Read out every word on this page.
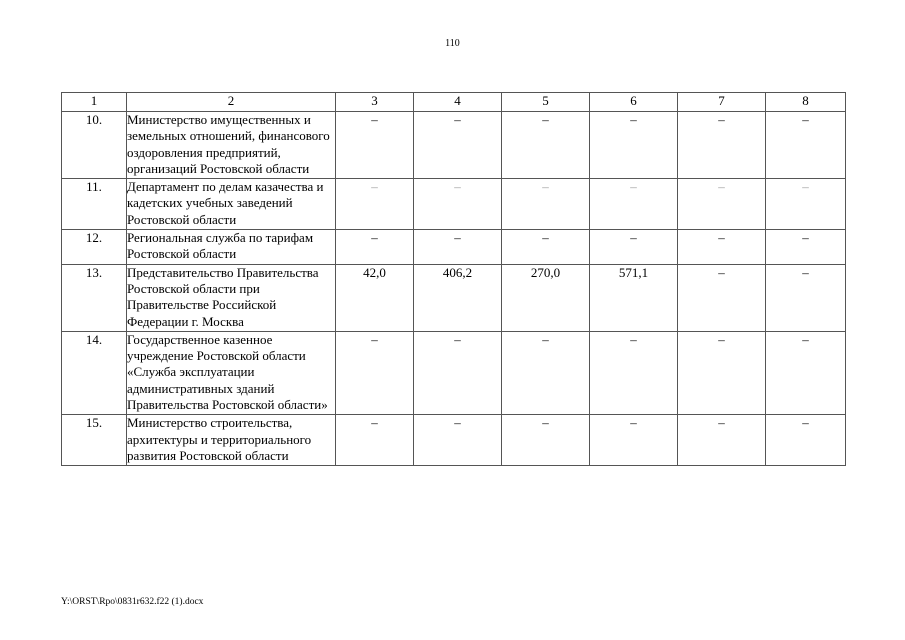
110
1	2	3	4	5	6	7	8
10.	Министерство имущественных и земельных отношений, финансового оздоровления предприятий, организаций Ростовской области	–	–	–	–	–	–
11.	Департамент по делам казачества и кадетских учебных заведений Ростовской области	–	–	–	–	–	–
12.	Региональная служба по тарифам Ростовской области	–	–	–	–	–	–
13.	Представительство Правительства Ростовской области при Правительстве Российской Федерации г. Москва	42,0	406,2	270,0	571,1	–	–
14.	Государственное казенное учреждение Ростовской области «Служба эксплуатации административных зданий Правительства Ростовской области»	–	–	–	–	–	–
15.	Министерство строительства, архитектуры и территориального развития Ростовской области	–	–	–	–	–	–
Y:\ORST\Rpo\0831r632.f22 (1).docx
